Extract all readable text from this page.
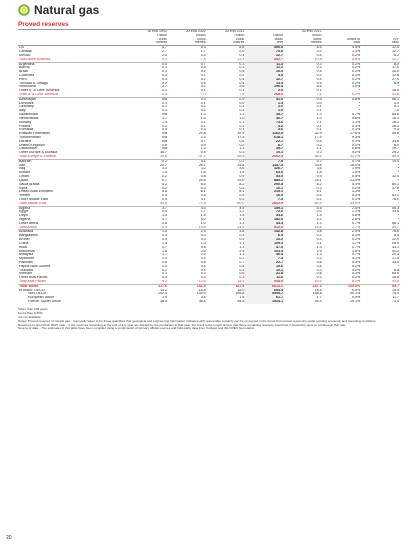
Natural gas
Proved reserves
	At end 1992	At end 2002	At end 2011		At end 2012		
	Trillion	Trillion	Trillion	Trillion	Trillion		
	cubic	cubic	cubic	cubic	cubic	Share of	R/P
	metres	metres	metres	feet	metres	total	ratio
US	4.7	5.3	8.8	300.0	8.5	4.5%	12.5
Canada	2.7	1.7	2.0	70.0	2.0	1.1%	12.7
Mexico	2.0	0.4	0.4	12.7	0.4	0.2%	6.2
Total North America	9.3	7.4	11.2	382.7	10.8	5.8%	12.1
Argentina	0.5	0.7	0.3	11.3	0.3	0.2%	8.5
Bolivia	0.1	0.8	0.3	11.2	0.3	0.2%	17.0
Brazil	0.1	0.2	0.5	16.0	0.5	0.2%	26.0
Colombia	0.2	0.1	0.2	5.5	0.2	0.1%	12.8
Peru	0.3	0.2	0.4	12.7	0.4	0.2%	27.9
Trinidad & Tobago	0.2	0.6	0.4	13.3	0.4	0.2%	8.9
Venezuela	3.7	4.2	5.6	196.4	5.6	3.0%	*
Other S. & Cent. America	0.2	0.1	0.1	2.0	0.1	*	16.5
Total S. & Cent. America	5.4	7.0	7.6	268.3	7.6	4.1%	42.8
Azerbaijan	n/a	0.9	0.9	31.0	0.9	0.5%	56.1
Denmark	0.1	0.1	0.0	1.3	0.0	*	5.9
Germany	0.2	0.2	0.1	2.0	0.1	*	6.1
Italy	0.3	0.2	0.1	1.9	0.1	*	7.0
Kazakhstan	n/a	1.3	1.3	45.7	1.3	0.7%	65.6
Netherlands	1.7	1.4	1.0	36.7	1.0	0.6%	16.3
Norway	1.4	2.1	2.1	73.6	2.1	1.1%	18.2
Poland	0.2	0.1	0.1	4.2	0.1	0.1%	28.3
Romania	0.5	0.3	0.1	3.6	0.1	0.1%	9.3
Russian Federation	n/a	29.8	32.9	1162.5	32.9	17.6%	55.6
Turkmenistan	n/a	2.3	17.5	618.1	17.5	9.3%	*
Ukraine	n/a	0.7	0.6	22.7	0.6	0.3%	34.6
United Kingdom	0.6	0.9	0.2	8.7	0.2	0.1%	6.0
Uzbekistan	n/a	1.2	1.1	39.7	1.1	0.6%	19.7
Other Europe & Eurasia	36.7	0.4	0.3	10.1	0.3	0.2%	29.2
Total Europe & Eurasia	39.6	41.7	58.5	2062.5	58.4	31.2%	56.4
Bahrain	0.2	0.1	0.2	7.9	0.2	0.1%	14.0
Iran	20.7	26.7	33.6	1187.3	33.6	18.0%	*
Iraq	3.1	3.2	3.6	126.7	3.6	1.9%	*
Kuwait	1.5	1.6	1.8	63.0	1.8	1.0%	*
Oman	0.2	0.8	0.9	33.5	0.9	0.5%	32.0
Qatar	6.7	25.8	25.0	885.1	25.1	13.4%	*
Saudi Arabia	5.2	6.6	8.2	290.8	8.2	4.4%	80.1
Syria	0.2	0.3	0.3	10.1	0.3	0.2%	37.5
United Arab Emirates	5.8	6.1	6.1	215.1	6.1	3.3%	*
Yemen	0.4	0.5	0.5	16.9	0.5	0.3%	63.1
Other Middle East	0.0	0.1	0.2	7.3	0.2	0.1%	78.0
Total Middle East	44.0	71.8	80.0	2842.9	80.5	43.0%	*
Algeria	3.7	4.5	4.5	159.1	4.5	2.4%	55.3
Egypt	0.4	1.7	2.2	72.0	2.0	1.1%	33.5
Libya	1.3	1.5	1.5	54.6	1.5	0.8%	*
Nigeria	3.7	5.0	5.1	182.0	5.2	2.8%	*
Other Africa	0.8	1.0	1.3	44.3	1.3	0.7%	66.1
Total Africa	9.9	13.8	14.5	512.0	14.5	7.7%	69.7
Australia	1.0	2.5	3.8	132.8	3.8	2.0%	76.6
Bangladesh	0.3	0.3	0.3	6.5	0.2	0.1%	8.4
Brunei	0.4	0.3	0.3	10.2	0.3	0.2%	22.9
China	1.4	1.3	3.1	109.3	3.1	1.7%	28.9
India	0.7	0.8	1.3	47.0	1.3	0.7%	33.1
Indonesia	1.8	2.6	2.9	103.3	2.9	1.6%	41.2
Malaysia	1.7	2.5	1.3	46.4	1.3	0.7%	20.3
Myanmar	0.3	0.4	0.2	7.4	0.2	0.1%	17.4
Pakistan	0.6	0.8	0.7	22.7	0.6	0.3%	15.5
Papua New Guinea	0.4	0.4	0.4	15.6	0.4	0.2%	*
Thailand	0.2	0.4	0.3	10.1	0.3	0.2%	6.8
Vietnam	0.1	0.2	0.6	21.8	0.6	0.3%	65.6
Other Asia Pacific	0.3	0.3	0.3	11.6	0.3	0.2%	18.6
Total Asia Pacific	9.2	12.6	15.5	545.0	15.5	8.2%	31.5
Total World	117.6	154.4	187.4	6614.1	187.3	100.0%	55.7
of which: OECD	15.2	15.4	18.0	654.4	18.5	9.9%	15.4
Non-OECD	102.4	139.0	169.8	5959.7	168.8	90.1%	75.4
European Union	3.9	3.4	1.8	61.7	1.7	0.9%	11.7
Former Soviet Union	36.3	36.4	54.5	1924.1	54.5	29.1%	71.0

*More than 100 years.

♦Less than 0.05%.

n/a not available.

Notes: Proved reserves of natural gas – Generally taken to be those quantities that geological and engineering information indicates with reasonable certainty can be recovered in the future from known reservoirs under existing economic and operating conditions.

Reserves-to-production (R/P) ratio – If the reserves remaining at the end of any year are divided by the production in that year, the result is the length of time that those remaining reserves would last if production were to continue at that rate.

Source of data – The estimates in this table have been compiled using a combination of primary official sources and third-party data from Cedigaz and the OPEC Secretariat.

20
